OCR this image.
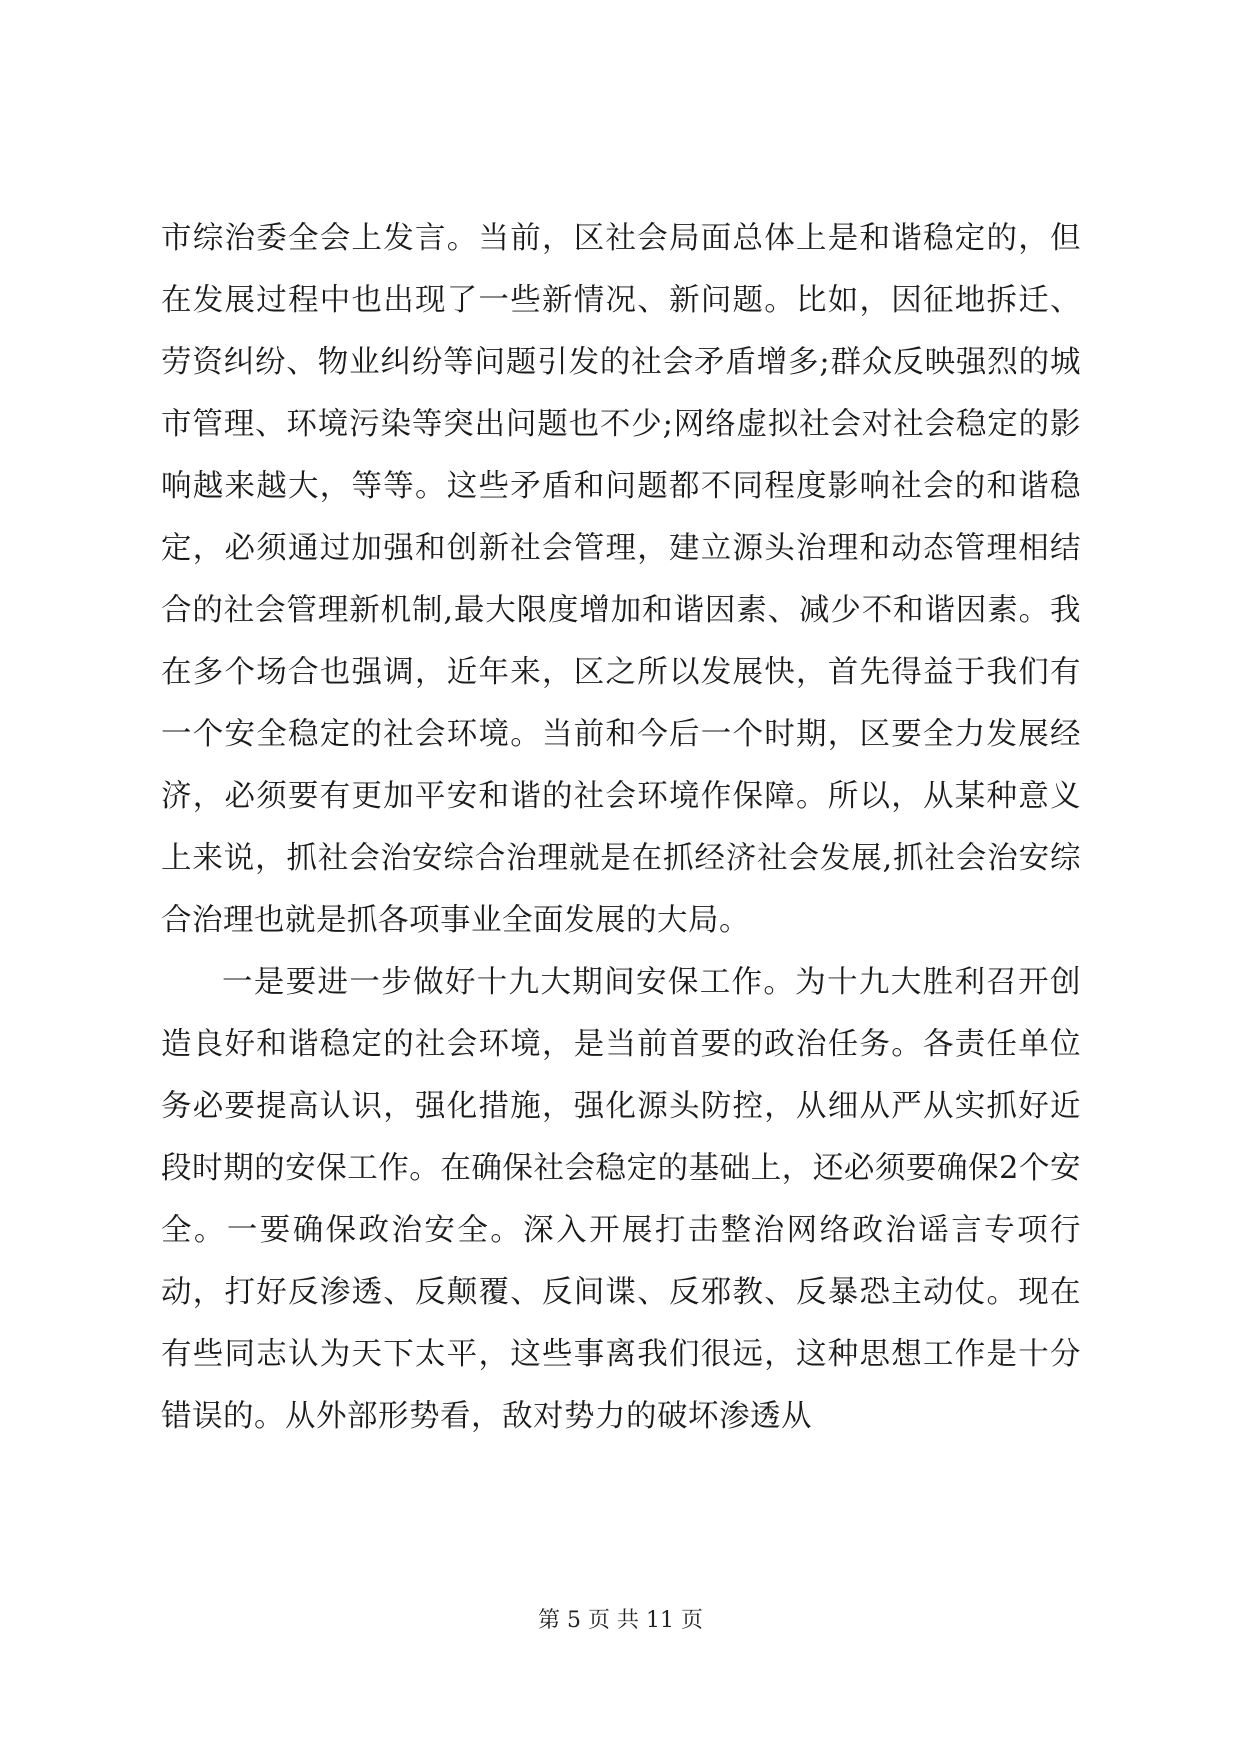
市综治委全会上发言。当前，区社会局面总体上是和谐稳定的，但在发展过程中也出现了一些新情况、新问题。比如，因征地拆迁、劳资纠纷、物业纠纷等问题引发的社会矛盾增多;群众反映强烈的城市管理、环境污染等突出问题也不少;网络虚拟社会对社会稳定的影响越来越大，等等。这些矛盾和问题都不同程度影响社会的和谐稳定，必须通过加强和创新社会管理，建立源头治理和动态管理相结合的社会管理新机制,最大限度增加和谐因素、减少不和谐因素。我在多个场合也强调，近年来，区之所以发展快，首先得益于我们有一个安全稳定的社会环境。当前和今后一个时期，区要全力发展经济，必须要有更加平安和谐的社会环境作保障。所以，从某种意义上来说，抓社会治安综合治理就是在抓经济社会发展,抓社会治安综合治理也就是抓各项事业全面发展的大局。

一是要进一步做好十九大期间安保工作。为十九大胜利召开创造良好和谐稳定的社会环境，是当前首要的政治任务。各责任单位务必要提高认识，强化措施，强化源头防控，从细从严从实抓好近段时期的安保工作。在确保社会稳定的基础上，还必须要确保2个安全。一要确保政治安全。深入开展打击整治网络政治谣言专项行动，打好反渗透、反颠覆、反间谍、反邪教、反暴恐主动仗。现在有些同志认为天下太平，这些事离我们很远，这种思想工作是十分错误的。从外部形势看，敌对势力的破坏渗透从

第 5 页 共 11 页
